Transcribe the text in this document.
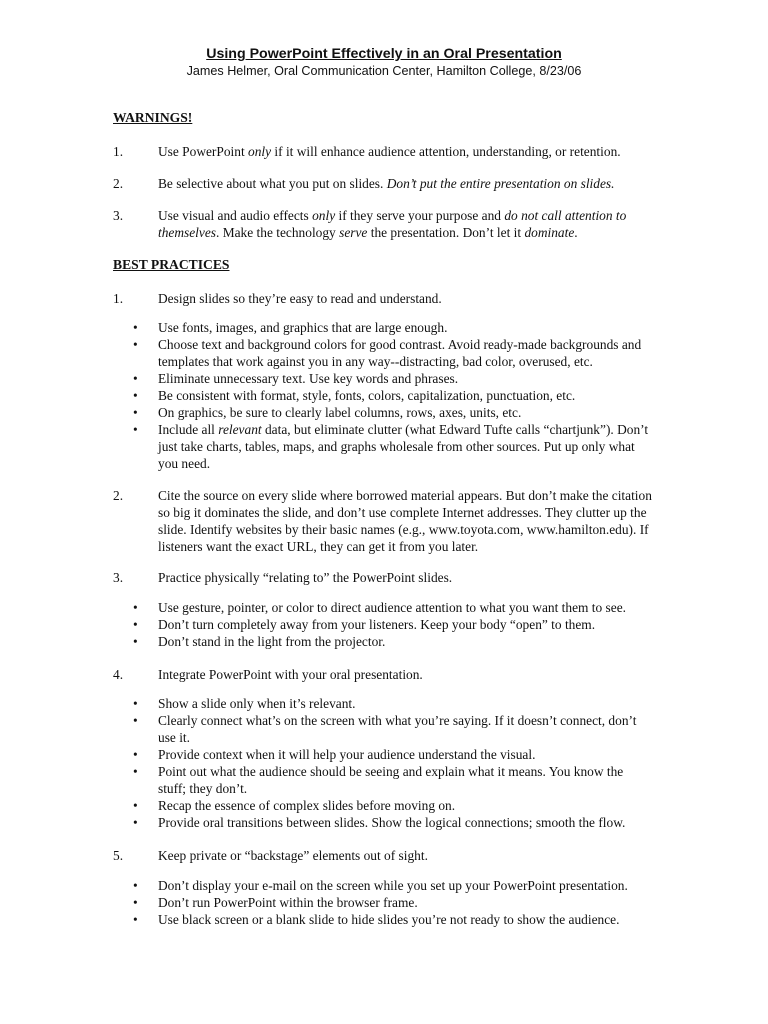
Using PowerPoint Effectively in an Oral Presentation
James Helmer, Oral Communication Center, Hamilton College, 8/23/06
WARNINGS!
1.	Use PowerPoint only if it will enhance audience attention, understanding, or retention.
2.	Be selective about what you put on slides. Don’t put the entire presentation on slides.
3.	Use visual and audio effects only if they serve your purpose and do not call attention to themselves. Make the technology serve the presentation. Don’t let it dominate.
BEST PRACTICES
1.	Design slides so they’re easy to read and understand.
• Use fonts, images, and graphics that are large enough.
• Choose text and background colors for good contrast. Avoid ready-made backgrounds and templates that work against you in any way--distracting, bad color, overused, etc.
• Eliminate unnecessary text. Use key words and phrases.
• Be consistent with format, style, fonts, colors, capitalization, punctuation, etc.
• On graphics, be sure to clearly label columns, rows, axes, units, etc.
• Include all relevant data, but eliminate clutter (what Edward Tufte calls “chartjunk”). Don’t just take charts, tables, maps, and graphs wholesale from other sources. Put up only what you need.
2.	Cite the source on every slide where borrowed material appears. But don’t make the citation so big it dominates the slide, and don’t use complete Internet addresses. They clutter up the slide. Identify websites by their basic names (e.g., www.toyota.com, www.hamilton.edu). If listeners want the exact URL, they can get it from you later.
3.	Practice physically “relating to” the PowerPoint slides.
• Use gesture, pointer, or color to direct audience attention to what you want them to see.
• Don’t turn completely away from your listeners. Keep your body “open” to them.
• Don’t stand in the light from the projector.
4.	Integrate PowerPoint with your oral presentation.
• Show a slide only when it’s relevant.
• Clearly connect what’s on the screen with what you’re saying. If it doesn’t connect, don’t use it.
• Provide context when it will help your audience understand the visual.
• Point out what the audience should be seeing and explain what it means. You know the stuff; they don’t.
• Recap the essence of complex slides before moving on.
• Provide oral transitions between slides. Show the logical connections; smooth the flow.
5.	Keep private or “backstage” elements out of sight.
• Don’t display your e-mail on the screen while you set up your PowerPoint presentation.
• Don’t run PowerPoint within the browser frame.
• Use black screen or a blank slide to hide slides you’re not ready to show the audience.
